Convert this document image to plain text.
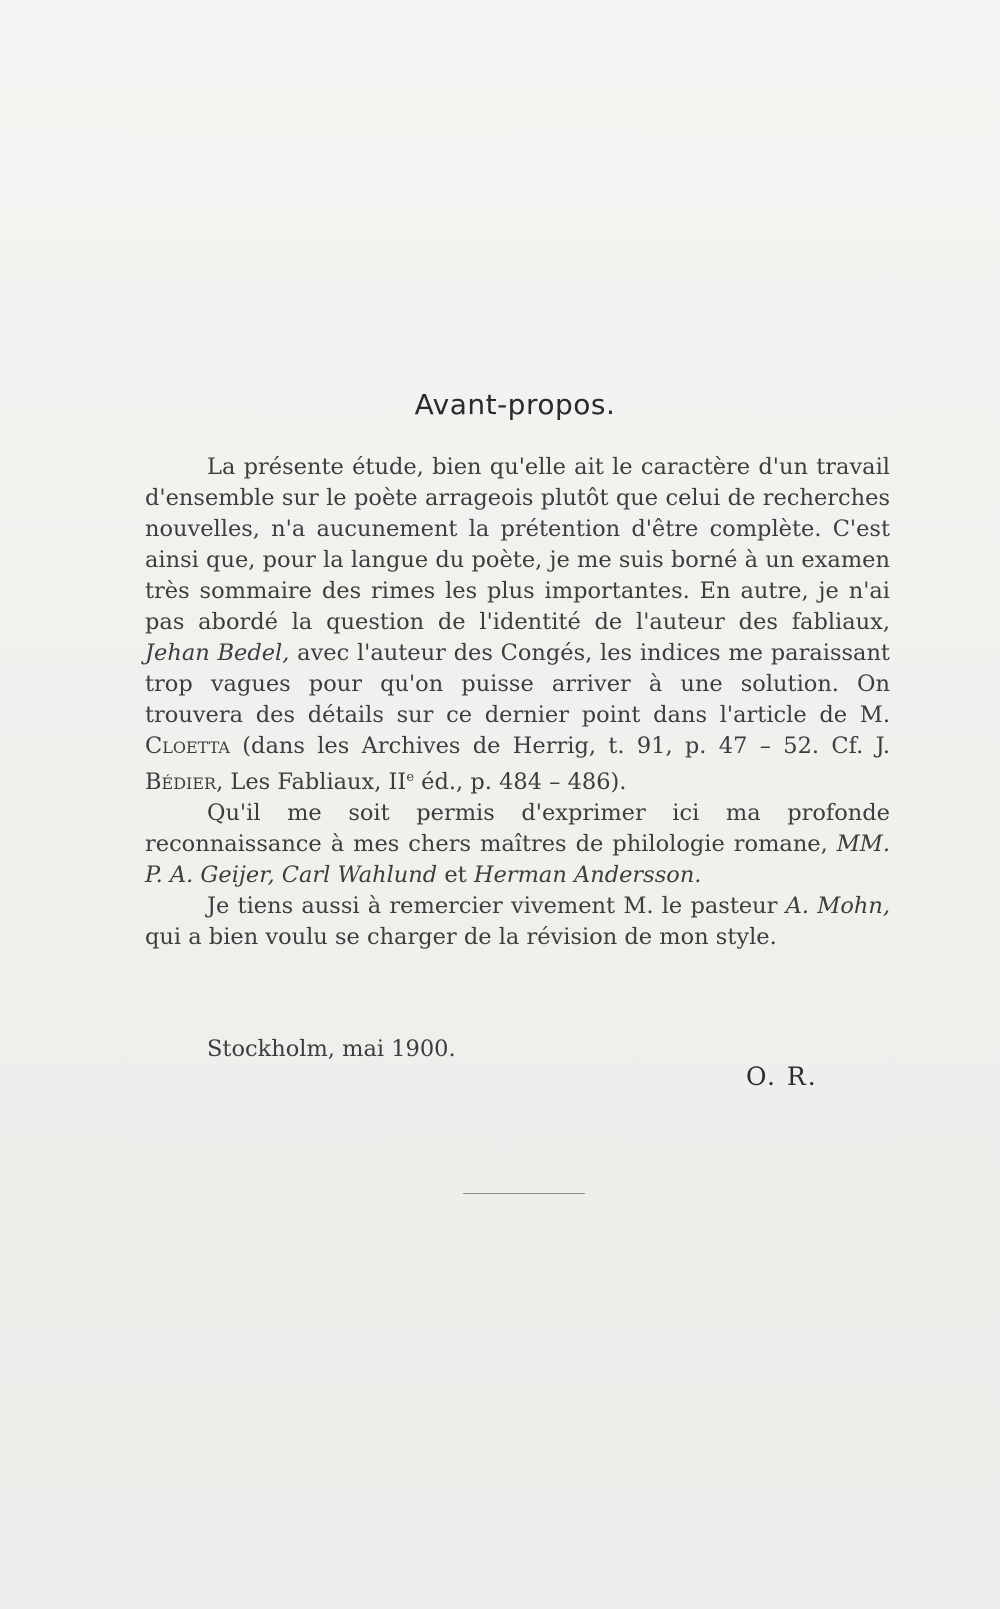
Avant-propos.

La présente étude, bien qu'elle ait le caractère d'un travail d'ensemble sur le poète arrageois plutôt que celui de recherches nouvelles, n'a aucunement la prétention d'être complète. C'est ainsi que, pour la langue du poète, je me suis borné à un examen très sommaire des rimes les plus importantes. En autre, je n'ai pas abordé la question de l'identité de l'auteur des fabliaux, Jehan Bedel, avec l'auteur des Congés, les indices me paraissant trop vagues pour qu'on puisse arriver à une solution. On trouvera des détails sur ce dernier point dans l'article de M. Cloetta (dans les Archives de Herrig, t. 91, p. 47 – 52. Cf. J. Bédier, Les Fabliaux, IIe éd., p. 484 – 486).

Qu'il me soit permis d'exprimer ici ma profonde reconnaissance à mes chers maîtres de philologie romane, MM. P. A. Geijer, Carl Wahlund et Herman Andersson.

Je tiens aussi à remercier vivement M. le pasteur A. Mohn, qui a bien voulu se charger de la révision de mon style.

Stockholm, mai 1900.
O. R.
